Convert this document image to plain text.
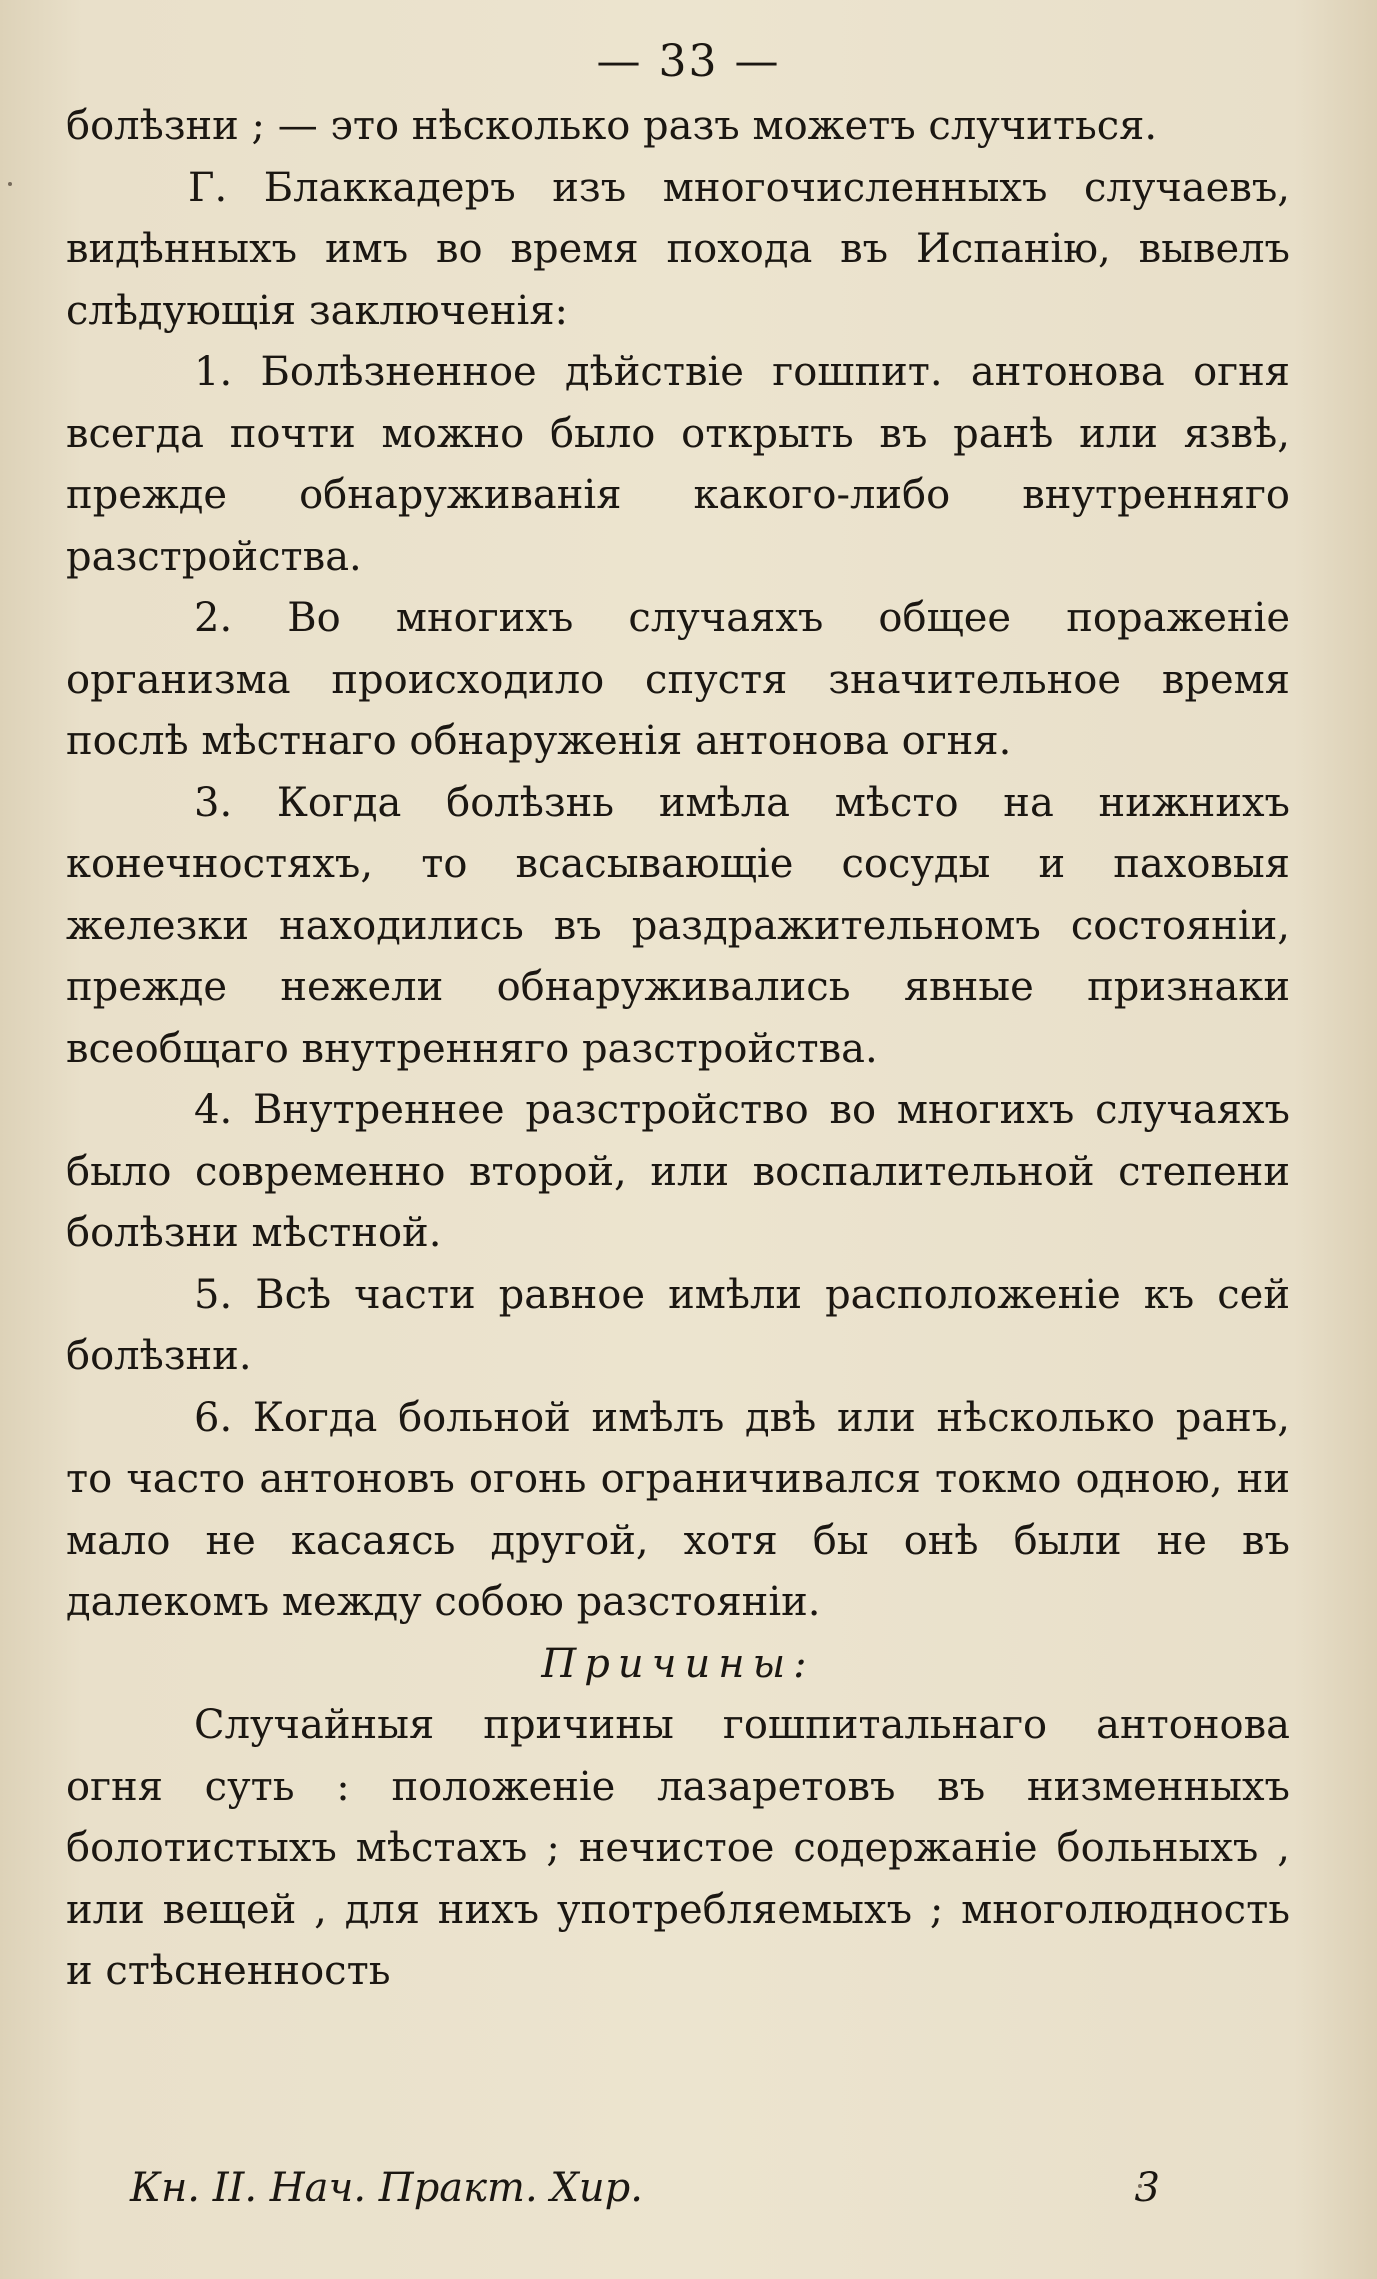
— 33 —

болѣзни ; — это нѣсколько разъ можетъ случиться.

Г. Блаккадеръ изъ многочисленныхъ случаевъ, видѣнныхъ имъ во время похода въ Испанію, вывелъ слѣдующія заключенія:

1. Болѣзненное дѣйствіе гошпит. антонова огня всегда почти можно было открыть въ ранѣ или язвѣ, прежде обнаруживанія какого-либо внутренняго разстройства.

2. Во многихъ случаяхъ общее пораженіе организма происходило спустя значительное время послѣ мѣстнаго обнаруженія антонова огня.

3. Когда болѣзнь имѣла мѣсто на нижнихъ конечностяхъ, то всасывающіе сосуды и паховыя железки находились въ раздражительномъ состояніи, прежде нежели обнаруживались явные признаки всеобщаго внутренняго разстройства.

4. Внутреннее разстройство во многихъ случаяхъ было современно второй, или воспалительной степени болѣзни мѣстной.

5. Всѣ части равное имѣли расположеніе къ сей болѣзни.

6. Когда больной имѣлъ двѣ или нѣсколько ранъ, то часто антоновъ огонь ограничивался токмо одною, ни мало не касаясь другой, хотя бы онѣ были не въ далекомъ между собою разстояніи.

Причины:

Случайныя причины гошпитальнаго антонова огня суть : положеніе лазаретовъ въ низменныхъ болотистыхъ мѣстахъ ; нечистое содержаніе больныхъ , или вещей , для нихъ употребляемыхъ ; многолюдность и стѣсненность

Кн. II. Нач. Практ. Хир.	3
